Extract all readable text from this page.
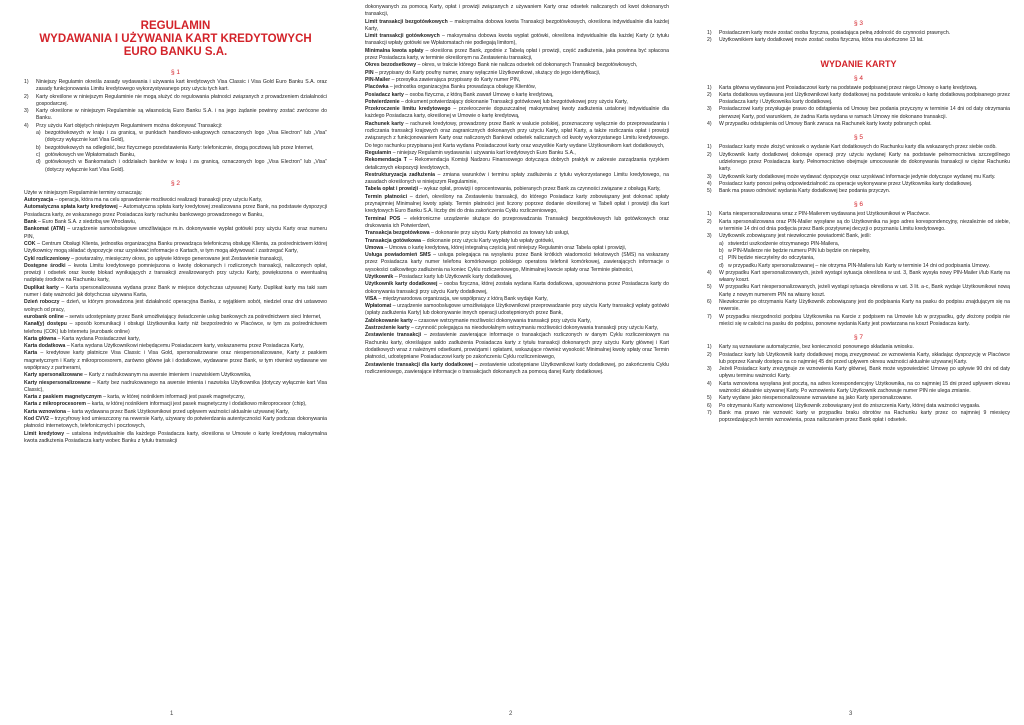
REGULAMIN
WYDAWANIA I UŻYWANIA KART KREDYTOWYCH
EURO BANKU S.A.
§ 1
1)	Niniejszy Regulamin określa zasady wydawania i używania kart kredytowych Visa Classic i Visa Gold Euro Banku S.A. oraz zasady funkcjonowania Limitu kredytowego wykorzystywanego przy użyciu tych kart.
2)	Karty określone w niniejszym Regulaminie nie mogą służyć do regulowania płatności związanych z prowadzeniem działalności gospodarczej.
3)	Karty określone w niniejszym Regulaminie są własnością Euro Banku S.A. i na jego żądanie powinny zostać zwrócone do Banku.
4)	Przy użyciu Kart objętych niniejszym Regulaminem można dokonywać Transakcji:
a) bezgotówkowych w kraju i za granicą, w punktach handlowo-usługowych oznaczonych logo „Visa Electron” lub „Visa” (dotyczy wyłącznie kart Visa Gold),
b) bezgotówkowych na odległość, bez fizycznego przedstawienia Karty: telefonicznie, drogą pocztową lub przez Internet,
c) gotówkowych we Wpłatomatach Banku,
d) gotówkowych w Bankomatach i oddziałach banków w kraju i za granicą, oznaczonych logo „Visa Electron” lub „Visa” (dotyczy wyłącznie kart Visa Gold).
§ 2

Użyte w niniejszym Regulaminie terminy oznaczają:

Autoryzacja – operacja, która ma na celu sprawdzenie możliwości realizacji transakcji przy użyciu Karty,

Automatyczna spłata karty kredytowej – Automatyczna spłata karty kredytowej zrealizowana przez Bank, na podstawie dyspozycji Posiadacza karty, ze wskazanego przez Posiadacza karty rachunku bankowego prowadzonego w Banku,

Bank – Euro Bank S.A. z siedzibą we Wrocławiu,

Bankomat (ATM) – urządzenie samoobsługowe umożliwiające m.in. dokonywanie wypłat gotówki przy użyciu Karty oraz numeru PIN,

COK – Centrum Obsługi Klienta, jednostka organizacyjna Banku prowadząca telefoniczną obsługę Klienta, za pośrednictwem której Użytkownicy mogą składać dyspozycje oraz uzyskiwać informacje o Kartach, w tym mogą aktywować i zastrzegać Karty,

Cykl rozliczeniowy – powtarzalny, miesięczny okres, po upływie którego generowane jest Zestawienie transakcji,

Dostępne środki – kwota Limitu kredytowego pomniejszona o kwotę dokonanych i rozliczonych transakcji, naliczonych opłat, prowizji i odsetek oraz kwotę blokad wynikających z transakcji zrealizowanych przy użyciu Karty, powiększona o ewentualną nadpłatę środków na Rachunku karty,

Duplikat karty – Karta spersonalizowana wydana przez Bank w miejsce dotychczas używanej Karty. Duplikat karty ma taki sam numer i datę ważności jak dotychczas używana Karta,

Dzień roboczy – dzień, w którym prowadzona jest działalność operacyjna Banku, z wyjątkiem sobót, niedziel oraz dni ustawowo wolnych od pracy,

eurobank online – serwis udostępniany przez Bank umożliwiający świadczenie usług bankowych za pośrednictwem sieci Internet,

Kanał(y) dostępu – sposób komunikacji i obsługi Użytkownika karty niż bezpośrednio w Placówce, w tym za pośrednictwem telefonu (COK) lub Internetu (eurobank online)

Karta główna – Karta wydana Posiadaczowi karty,

Karta dodatkowa – Karta wydana Użytkownikowi niebędącemu Posiadaczem karty, wskazanemu przez Posiadacza Karty,

Karta – kredytowe karty płatnicze Visa Classic i Visa Gold, spersonalizowane oraz niespersonalizowane, Karty z paskiem magnetycznym i Karty z mikroprocesorem, zarówno główne jak i dodatkowe, wydawane przez Bank, w tym również wydawane we współpracy z partnerami,

Karty spersonalizowane – Karty z nadrukowanym na awersie imieniem i nazwiskiem Użytkownika,

Karty niespersonalizowane – Karty bez nadrukowanego na awersie imienia i nazwiska Użytkownika (dotyczy wyłącznie kart Visa Classic),

Karta z paskiem magnetycznym – karta, w której nośnikiem informacji jest pasek magnetyczny,

Karta z mikroprocesorem – karta, w której nośnikiem informacji jest pasek magnetyczny i dodatkowo mikroprocesor (chip),

Karta wznowiona – karta wydawana przez Bank Użytkownikowi przed upływem ważności aktualnie używanej Karty,

Kod CVV2 – trzycyfrowy kod umieszczony na rewersie Karty, używany do potwierdzania autentyczności Karty podczas dokonywania płatności internetowych, telefonicznych i pocztowych,

Limit kredytowy – ustalona indywidualnie dla każdego Posiadacza karty, określona w Umowie o kartę kredytową maksymalna kwota zadłużenia Posiadacza karty wobec Banku z tytułu transakcji

1

dokonywanych za pomocą Karty, opłat i prowizji związanych z używaniem Karty oraz odsetek naliczanych od kwot dokonanych transakcji,

Limit transakcji bezgotówkowych – maksymalna dobowa kwota Transakcji bezgotówkowych, określona indywidualnie dla każdej Karty,

Limit transakcji gotówkowych – maksymalna dobowa kwota wypłat gotówki, określona indywidualnie dla każdej Karty (z tytułu transakcji wpłaty gotówki we Wpłatomatach nie podlegają limitom),

Minimalna kwota spłaty – określona przez Bank, zgodnie z Tabelą opłat i prowizji, część zadłużenia, jaka powinna być spłacona przez Posiadacza karty, w terminie określonym na Zestawieniu transakcji,

Okres bezodsetkowy – okres, w trakcie którego Bank nie nalicza odsetek od dokonanych Transakcji bezgotówkowych,

PIN – przypisany do Karty poufny numer, znany wyłącznie Użytkownikowi, służący do jego identyfikacji,

PIN-Mailer – przesyłka zawierająca przypisany do Karty numer PIN,

Placówka – jednostka organizacyjna Banku prowadząca obsługę Klientów,

Posiadacz karty – osoba fizyczna, z którą Bank zawarł Umowę o kartę kredytową,

Potwierdzenie – dokument potwierdzający dokonanie Transakcji gotówkowej lub bezgotówkowej przy użyciu Karty,

Przekroczenie limitu kredytowego – przekroczenie dopuszczalnej maksymalnej kwoty zadłużenia ustalonej indywidualnie dla każdego Posiadacza karty, określonej w Umowie o kartę kredytową,

Rachunek karty – rachunek kredytowy, prowadzony przez Bank w walucie polskiej, przeznaczony wyłącznie do przeprowadzania i rozliczania transakcji krajowych oraz zagranicznych dokonanych przy użyciu Karty, spłat Karty, a także rozliczania opłat i prowizji związanych z funkcjonowaniem Karty oraz naliczonych Bankowi odsetek naliczanych od kwoty wykorzystanego Limitu kredytowego. Do tego rachunku przypisana jest Karta wydana Posiadaczowi karty oraz wszystkie Karty wydane Użytkownikom kart dodatkowych,

Regulamin – niniejszy Regulamin wydawania i używania kart kredytowych Euro Banku S.A.,

Rekomendacja T – Rekomendacja Komisji Nadzoru Finansowego dotycząca dobrych praktyk w zakresie zarządzania ryzykiem detalicznych ekspozycji kredytowych,

Restrukturyzacja zadłużenia – zmiana warunków i terminu spłaty zadłużenia z tytułu wykorzystanego Limitu kredytowego, na zasadach określonych w niniejszym Regulaminie,

Tabela opłat i prowizji – wykaz opłat, prowizji i oprocentowania, pobieranych przez Bank za czynności związane z obsługą Karty,

Termin płatności – dzień, określony na Zestawieniu transakcji, do którego Posiadacz karty zobowiązany jest dokonać spłaty przynajmniej Minimalnej kwoty spłaty. Termin płatności jest liczony poprzez dodanie określonej w Tabeli opłat i prowizji dla kart kredytowych Euro Banku S.A. liczby dni do dnia zakończenia Cyklu rozliczeniowego,

Terminal POS – elektroniczne urządzenie służące do przeprowadzania Transakcji bezgotówkowych lub gotówkowych oraz drukowania ich Potwierdzeń,

Transakcja bezgotówkowa – dokonanie przy użyciu Karty płatności za towary lub usługi,

Transakcja gotówkowa – dokonanie przy użyciu Karty wypłaty lub wpłaty gotówki,

Umowa – Umowa o kartę kredytową, której integralną częścią jest niniejszy Regulamin oraz Tabela opłat i prowizji,

Usługa powiadomień SMS – usługa polegająca na wysyłaniu przez Bank krótkich wiadomości tekstowych (SMS) na wskazany przez Posiadacza karty numer telefonu komórkowego polskiego operatora telefonii komórkowej, zawierających informacje o wysokości całkowitego zadłużenia na koniec Cyklu rozliczeniowego, Minimalnej kwocie spłaty oraz Terminie płatności,

Użytkownik – Posiadacz karty lub Użytkownik karty dodatkowej,

Użytkownik karty dodatkowej – osoba fizyczna, której została wydana Karta dodatkowa, upoważniona przez Posiadacza karty do dokonywania transakcji przy użyciu Karty dodatkowej,

VISA – międzynarodowa organizacja, we współpracy z którą Bank wydaje Karty,

Wpłatomat – urządzenie samoobsługowe umożliwiające Użytkownikowi przeprowadzanie przy użyciu Karty transakcji wpłaty gotówki (spłaty zadłużenia Karty) lub dokonywanie innych operacji udostępnionych przez Bank,

Zablokowanie karty – czasowe wstrzymanie możliwości dokonywania transakcji przy użyciu Karty,

Zastrzeżenie karty – czynność polegająca na nieodwołalnym wstrzymaniu możliwości dokonywania transakcji przy użyciu Karty,

Zestawienie transakcji – zestawienie zawierające informacje o transakcjach rozliczonych w danym Cyklu rozliczeniowym na Rachunku karty, określające saldo zadłużenia Posiadacza karty z tytułu transakcji dokonanych przy użyciu Karty głównej i Kart dodatkowych wraz z należnymi odsetkami, prowizjami i opłatami, wskazujące również wysokość Minimalnej kwoty spłaty oraz Termin płatności, udostępniane Posiadaczowi karty po zakończeniu Cyklu rozliczeniowego,

Zestawienie transakcji dla karty dodatkowej – zestawienie udostępniane Użytkownikowi karty dodatkowej, po zakończeniu Cyklu rozliczeniowego, zawierające informacje o transakcjach dokonanych za pomocą danej Karty dodatkowej.

2
§ 3
1)	Posiadaczem karty może zostać osoba fizyczna, posiadająca pełną zdolność do czynności prawnych.
2)	Użytkownikiem karty dodatkowej może zostać osoba fizyczna, która ma ukończone 13 lat.
WYDANIE KARTY
§ 4
1)	Karta główna wydawana jest Posiadaczowi karty na podstawie podpisanej przez niego Umowy o kartę kredytową.
2)	Karta dodatkowa wydawana jest Użytkownikowi karty dodatkowej na podstawie wniosku o kartę dodatkową podpisanego przez Posiadacza karty i Użytkownika karty dodatkowej.
3)	Posiadaczowi karty przysługuje prawo do odstąpienia od Umowy bez podania przyczyny w terminie 14 dni od daty otrzymania pierwszej Karty, pod warunkiem, że żadna Karta wydana w ramach Umowy nie dokonano transakcji.
4)	W przypadku odstąpienia od Umowy Bank zwraca na Rachunek karty kwoty pobranych opłat.
§ 5
1)	Posiadacz karty może złożyć wniosek o wydanie Kart dodatkowych do Rachunku karty dla wskazanych przez siebie osób.
2)	Użytkownik karty dodatkowej dokonuje operacji przy użyciu wydanej Karty na podstawie pełnomocnictwa szczególnego udzielonego przez Posiadacza karty. Pełnomocnictwo obejmuje umocowanie do dokonywania transakcji w ciężar Rachunku karty.
3)	Użytkownik karty dodatkowej może wydawać dyspozycje oraz uzyskiwać informacje jedynie dotyczące wydanej mu Karty.
4)	Posiadacz karty ponosi pełną odpowiedzialność za operacje wykonywane przez Użytkownika karty dodatkowej.
5)	Bank ma prawo odmówić wydania Karty dodatkowej bez podania przyczyn.
§ 6
1)	Karta niespersonalizowana wraz z PIN-Mailerem wydawana jest Użytkownikowi w Placówce.
2)	Karta spersonalizowana oraz PIN-Mailer wysyłane są do Użytkownika na jego adres korespondencyjny, niezależnie od siebie, w terminie 14 dni od dnia podjęcia przez Bank pozytywnej decyzji o przyznaniu Limitu kredytowego.
3)	Użytkownik zobowiązany jest niezwłocznie powiadomić Bank, jeśli:
a) stwierdzi uszkodzenie otrzymanego PIN-Mailera,
b) w PIN-Mailerze nie będzie numeru PIN lub będzie on niepełny,
c) PIN będzie nieczytelny do odczytania,
d) w przypadku Karty spersonalizowanej – nie otrzyma PIN-Mailera lub Karty w terminie 14 dni od podpisania Umowy.
4)	W przypadku Kart spersonalizowanych, jeżeli wystąpi sytuacja określona w ust. 3, Bank wysyła nowy PIN-Mailer i/lub Kartę na własny koszt.
5)	W przypadku Kart niespersonalizowanych, jeżeli wystąpi sytuacja określona w ust. 3 lit. a-c, Bank wydaje Użytkownikowi nową Kartę z nowym numerem PIN na własny koszt.
6)	Niezwłocznie po otrzymaniu Karty Użytkownik zobowiązany jest do podpisania Karty na pasku do podpisu znajdującym się na rewersie.
7)	W przypadku niezgodności podpisu Użytkownika na Karcie z podpisem na Umowie lub w przypadku, gdy złożony podpis nie mieści się w całości na pasku do podpisu, ponowne wydania Karty jest powtarzana na koszt Posiadacza karty.
§ 7
1)	Karty są wznawiane automatycznie, bez konieczności ponownego składania wniosku.
2)	Posiadacz karty lub Użytkownik karty dodatkowej mogą zrezygnować ze wznowienia Karty, składając dyspozycję w Placówce lub poprzez Kanały dostępu na co najmniej 45 dni przed upływem okresu ważności aktualnie używanej Karty.
3)	Jeżeli Posiadacz karty zrezygnuje ze wznowienia Karty głównej, Bank może wypowiedzieć Umowę po upływie 90 dni od daty upływu terminu ważności Karty.
4)	Karta wznowiona wysyłana jest pocztą, na adres korespondencyjny Użytkownika, na co najmniej 15 dni przed upływem okresu ważności aktualnie używanej Karty. Po wznowieniu Karty Użytkownik zachowuje numer PIN nie ulega zmianie.
5)	Karty wydane jako niespersonalizowane wznawiane są jako Karty spersonalizowane.
6)	Po otrzymaniu Karty wznowionej Użytkownik zobowiązany jest do zniszczenia Karty, której data ważności wygasła.
7)	Bank ma prawo nie wznowić karty w przypadku braku obrotów na Rachunku karty przez co najmniej 9 miesięcy poprzedzających termin wznowienia, poza naliczaniem przez Bank opłat i odsetek.
3
